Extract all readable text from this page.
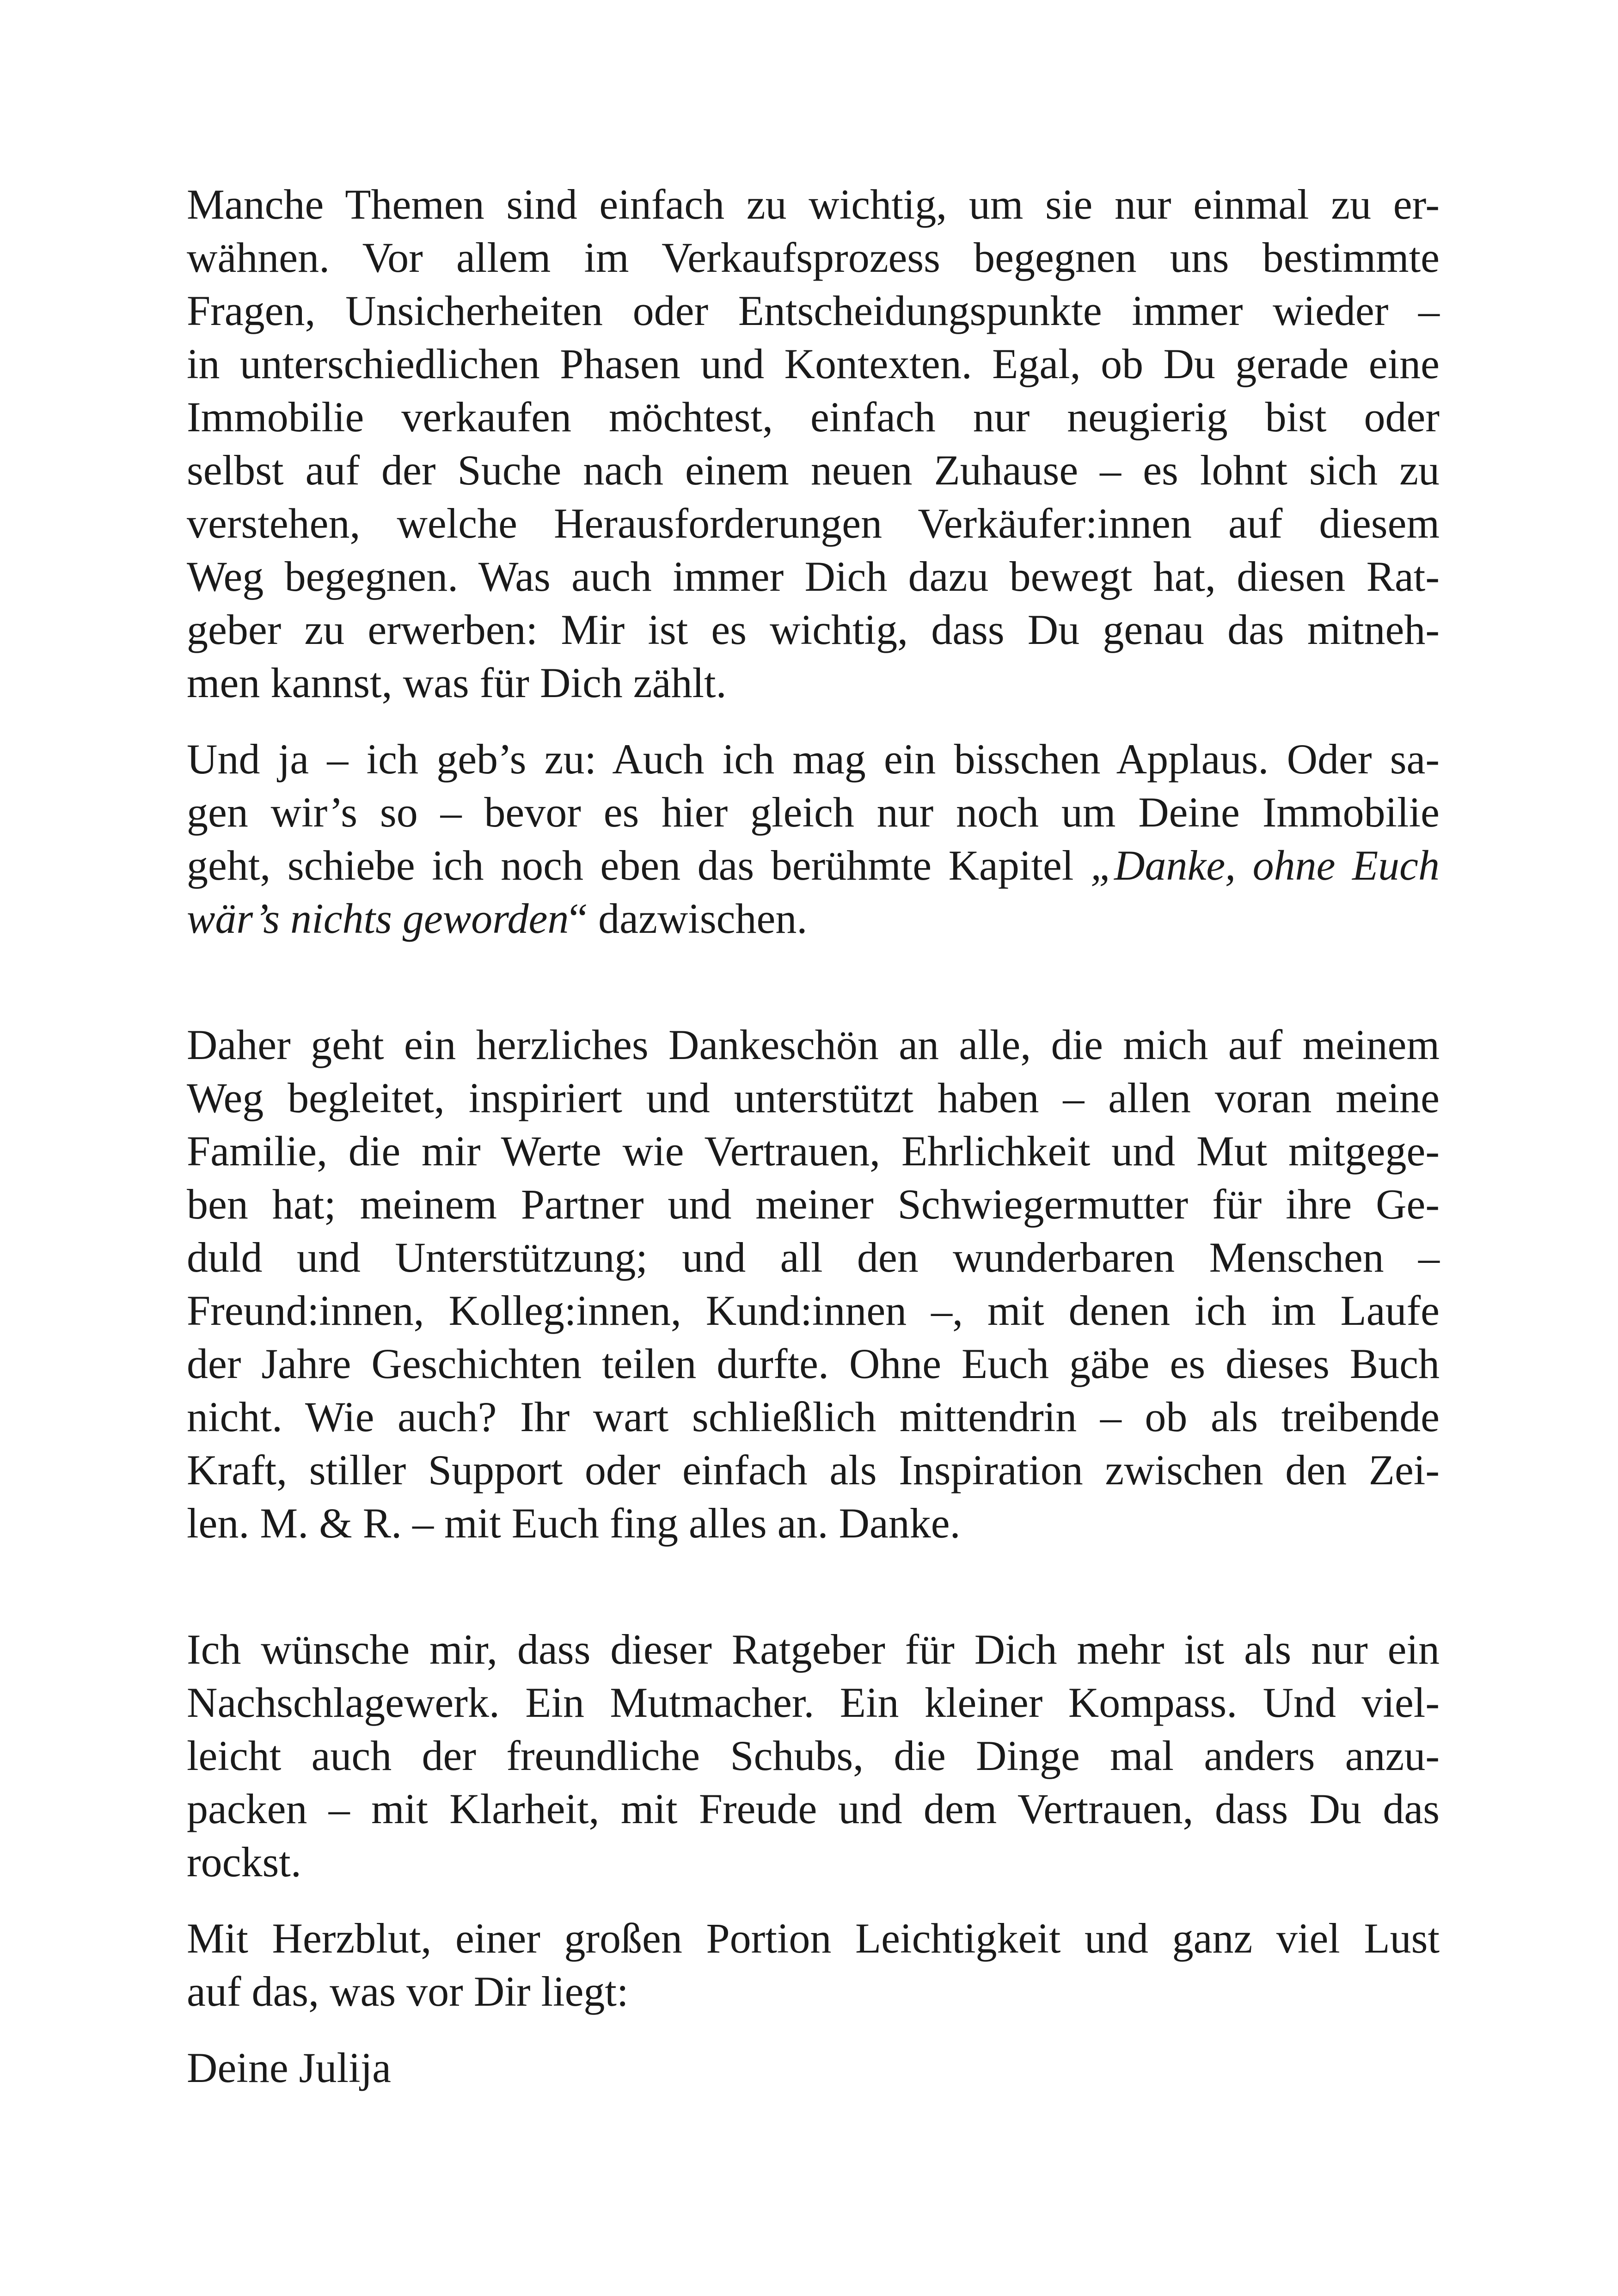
Manche Themen sind einfach zu wichtig, um sie nur einmal zu er-
wähnen. Vor allem im Verkaufsprozess begegnen uns bestimmte
Fragen, Unsicherheiten oder Entscheidungspunkte immer wieder –
in unterschiedlichen Phasen und Kontexten. Egal, ob Du gerade eine
Immobilie verkaufen möchtest, einfach nur neugierig bist oder
selbst auf der Suche nach einem neuen Zuhause – es lohnt sich zu
verstehen, welche Herausforderungen Verkäufer:innen auf diesem
Weg begegnen. Was auch immer Dich dazu bewegt hat, diesen Rat-
geber zu erwerben: Mir ist es wichtig, dass Du genau das mitneh-
men kannst, was für Dich zählt.
Und ja – ich geb’s zu: Auch ich mag ein bisschen Applaus. Oder sa-
gen wir’s so – bevor es hier gleich nur noch um Deine Immobilie
geht, schiebe ich noch eben das berühmte Kapitel „Danke, ohne Euch
wär’s nichts geworden“ dazwischen.
Daher geht ein herzliches Dankeschön an alle, die mich auf meinem
Weg begleitet, inspiriert und unterstützt haben – allen voran meine
Familie, die mir Werte wie Vertrauen, Ehrlichkeit und Mut mitgege-
ben hat; meinem Partner und meiner Schwiegermutter für ihre Ge-
duld und Unterstützung; und all den wunderbaren Menschen –
Freund:innen, Kolleg:innen, Kund:innen –, mit denen ich im Laufe
der Jahre Geschichten teilen durfte. Ohne Euch gäbe es dieses Buch
nicht. Wie auch? Ihr wart schließlich mittendrin – ob als treibende
Kraft, stiller Support oder einfach als Inspiration zwischen den Zei-
len. M. & R. – mit Euch fing alles an. Danke.
Ich wünsche mir, dass dieser Ratgeber für Dich mehr ist als nur ein
Nachschlagewerk. Ein Mutmacher. Ein kleiner Kompass. Und viel-
leicht auch der freundliche Schubs, die Dinge mal anders anzu-
packen – mit Klarheit, mit Freude und dem Vertrauen, dass Du das
rockst.
Mit Herzblut, einer großen Portion Leichtigkeit und ganz viel Lust
auf das, was vor Dir liegt:
Deine Julija
